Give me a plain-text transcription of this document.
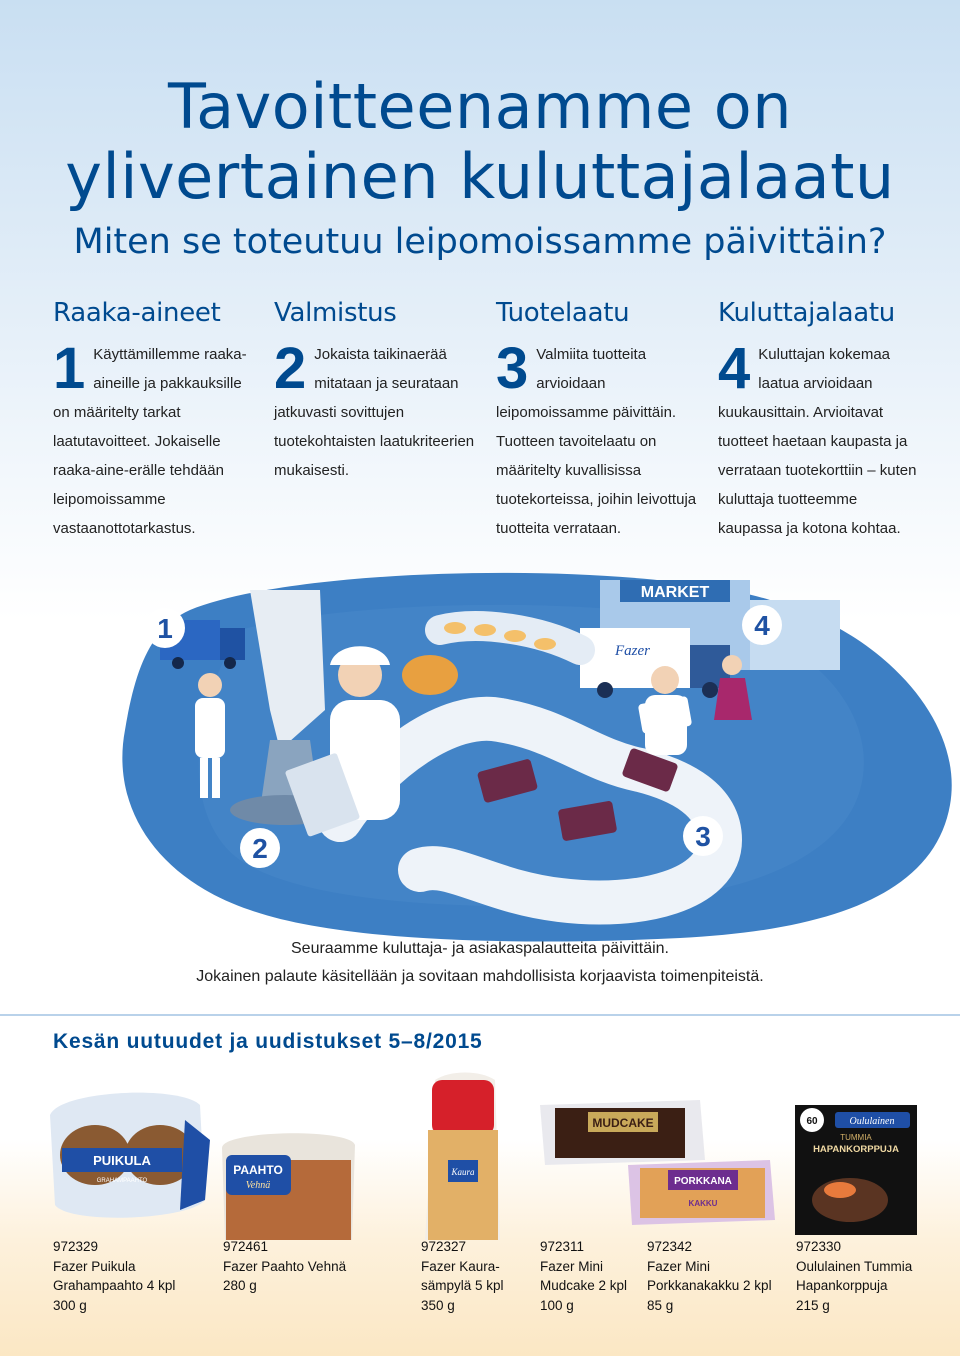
Tavoitteenamme on
ylivertainen kuluttajalaatu
Miten se toteutuu leipomoissamme päivittäin?
Raaka-aineet
1 Käyttämillemme raaka-aineille ja pakkauksille on määritelty tarkat laatutavoitteet. Jokaiselle raaka-aine-erälle tehdään leipomoissamme vastaanottotarkastus.
Valmistus
2 Jokaista taikinaerää mitataan ja seurataan jatkuvasti sovittujen tuotekohtaisten laatukriteerien mukaisesti.
Tuotelaatu
3 Valmiita tuotteita arvioidaan leipomoissamme päivittäin. Tuotteen tavoitelaatu on määritelty kuvallisissa tuotekorteissa, joihin leivottuja tuotteita verrataan.
Kuluttajalaatu
4 Kuluttajan kokemaa laatua arvioidaan kuukausittain. Arvioitavat tuotteet haetaan kaupasta ja verrataan tuotekorttiin – kuten kuluttaja tuotteemme kaupassa ja kotona kohtaa.
MARKET
Fazer
1
2	3
4
Seuraamme kuluttaja- ja asiakaspalautteita päivittäin.
Jokainen palaute käsitellään ja sovitaan mahdollisista korjaavista toimenpiteistä.
Kesän uutuudet ja uudistukset 5–8/2015
PUIKULA
GRAHAMPAAHTO
PAAHTO
Vehnä
Kaura
MUDCAKE
PORKKANA
KAKKU
Oululainen
60
TUMMIA
HAPANKORPPUJA
972329
Fazer Puikula
Grahampaahto 4 kpl
300 g
972461
Fazer Paahto Vehnä
280 g
972327
Fazer Kaura-
sämpylä 5 kpl
350 g
972311
Fazer Mini
Mudcake 2 kpl
100 g
972342
Fazer Mini
Porkkanakakku 2 kpl
85 g
972330
Oululainen Tummia
Hapankorppuja
215 g
